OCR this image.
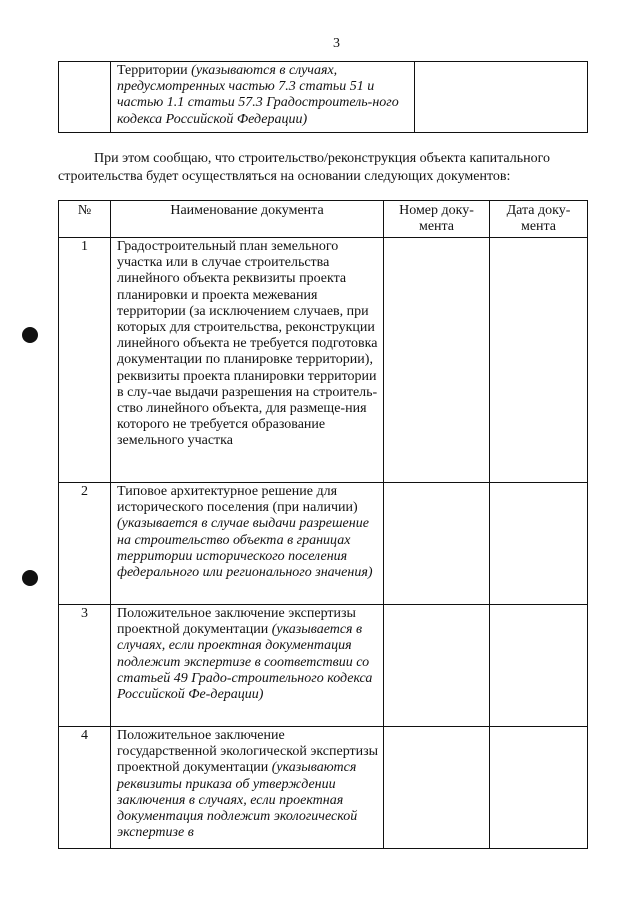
3
	Территории (указываются в случаях, предусмотренных частью 7.3 статьи 51 и частью 1.1 статьи 57.3 Градостроитель-ного кодекса Российской Федерации)	
При этом сообщаю, что строительство/реконструкция объекта капитального
строительства будет осуществляться на основании следующих документов:
№	Наименование документа	Номер доку-мента	Дата доку-мента
1	Градостроительный план земельного участка или в случае строительства линейного объекта реквизиты проекта планировки и проекта межевания территории (за исключением случаев, при которых для строительства, реконструкции линейного объекта не требуется подготовка документации по планировке территории), реквизиты проекта планировки территории в слу-чае выдачи разрешения на строитель-ство линейного объекта, для размеще-ния которого не требуется образование земельного участка		
2	Типовое архитектурное решение для исторического поселения (при наличии) (указывается в случае выдачи разрешение на строительство объекта в границах территории исторического поселения федерального или регионального значения)		
3	Положительное заключение экспертизы проектной документации (указывается в случаях, если проектная документация подлежит экспертизе в соответствии со статьей 49 Градо-строительного кодекса Российской Фе-дерации)		
4	Положительное заключение государственной экологической экспертизы проектной документации (указываются реквизиты приказа об утверждении заключения в случаях, если проектная документация подлежит экологической экспертизе в		
